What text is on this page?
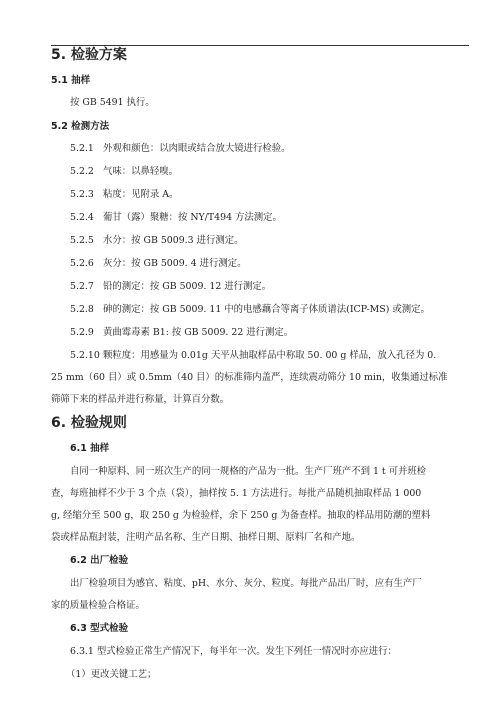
5. 检验方案
5.1 抽样
按 GB 5491 执行。
5.2 检测方法
5.2.1 外观和颜色：以肉眼或结合放大镜进行检验。
5.2.2 气味：以鼻轻嗅。
5.2.3 粘度：见附录 A。
5.2.4 葡甘（露）聚糖：按 NY/T494 方法测定。
5.2.5 水分：按 GB 5009.3 进行测定。
5.2.6 灰分：按 GB 5009. 4 进行测定。
5.2.7 铅的测定：按 GB 5009. 12 进行测定。
5.2.8 砷的测定：按 GB 5009. 11 中的电感藕合等离子体质谱法(ICP-MS) 或测定。
5.2.9 黄曲霉毒素 B1: 按 GB 5009. 22 进行测定。
5.2.10 颗粒度：用感量为 0.01g 天平从抽取样品中称取 50. 00 g 样品，放入孔径为 0.
25 mm（60 目）或 0.5mm（40 目）的标准筛内盖严，连续震动筛分 10 min，收集通过标准
筛筛下来的样品并进行称量，计算百分数。
6. 检验规则
6.1 抽样
自同一种原料、同一班次生产的同一规格的产品为一批。生产厂班产不到 1 t 可并班检
查，每班抽样不少于 3 个点（袋），抽样按 5. 1 方法进行。每批产品随机抽取样品 1 000
g, 经缩分至 500 g，取 250 g 为检验样，余下 250 g 为备查样。抽取的样品用防潮的塑料
袋或样品瓶封装，注明产品名称、生产日期、抽样日期、原料厂名和产地。
6.2 出厂检验
出厂检验项目为感官、粘度、pH、水分、灰分、粒度。每批产品出厂时，应有生产厂
家的质量检验合格证。
6.3 型式检验
6.3.1 型式检验正常生产情况下，每半年一次。发生下列任一情况时亦应进行：
（1）更改关键工艺；
